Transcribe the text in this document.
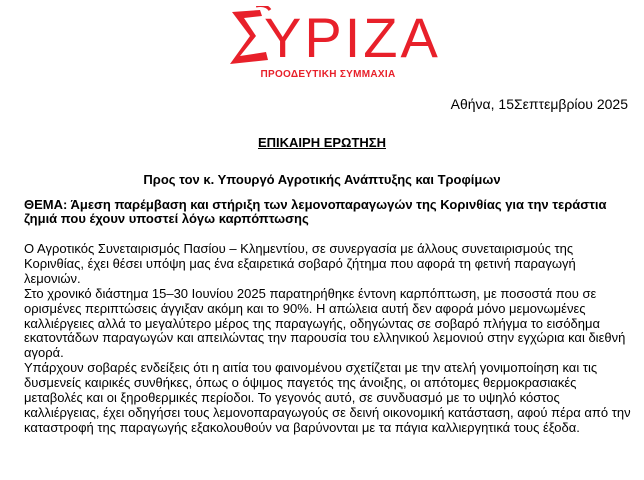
ΥΡΙΖΑ
ΠΡΟΟΔΕΥΤΙΚΗ ΣΥΜΜΑΧΙΑ
Αθήνα, 15Σεπτεμβρίου 2025
ΕΠΙΚΑΙΡΗ ΕΡΩΤΗΣΗ
Προς τον κ. Υπουργό Αγροτικής Ανάπτυξης και Τροφίμων
ΘΕΜΑ: Άμεση παρέμβαση και στήριξη των λεμονοπαραγωγών της Κορινθίας για την τεράστια ζημιά που έχουν υποστεί λόγω καρπόπτωσης

Ο Αγροτικός Συνεταιρισμός Πασίου – Κλημεντίου, σε συνεργασία με άλλους συνεταιρισμούς της Κορινθίας, έχει θέσει υπόψη μας ένα εξαιρετικά σοβαρό ζήτημα που αφορά τη φετινή παραγωγή λεμονιών.

Στο χρονικό διάστημα 15–30 Ιουνίου 2025 παρατηρήθηκε έντονη καρπόπτωση, με ποσοστά που σε ορισμένες περιπτώσεις άγγιξαν ακόμη και το 90%. Η απώλεια αυτή δεν αφορά μόνο μεμονωμένες καλλιέργειες αλλά το μεγαλύτερο μέρος της παραγωγής, οδηγώντας σε σοβαρό πλήγμα το εισόδημα εκατοντάδων παραγωγών και απειλώντας την παρουσία του ελληνικού λεμονιού στην εγχώρια και διεθνή αγορά.

Υπάρχουν σοβαρές ενδείξεις ότι η αιτία του φαινομένου σχετίζεται με την ατελή γονιμοποίηση και τις δυσμενείς καιρικές συνθήκες, όπως ο όψιμος παγετός της άνοιξης, οι απότομες θερμοκρασιακές μεταβολές και οι ξηροθερμικές περίοδοι. Το γεγονός αυτό, σε συνδυασμό με το υψηλό κόστος καλλιέργειας, έχει οδηγήσει τους λεμονοπαραγωγούς σε δεινή οικονομική κατάσταση, αφού πέρα από την καταστροφή της παραγωγής εξακολουθούν να βαρύνονται με τα πάγια καλλιεργητικά τους έξοδα.
